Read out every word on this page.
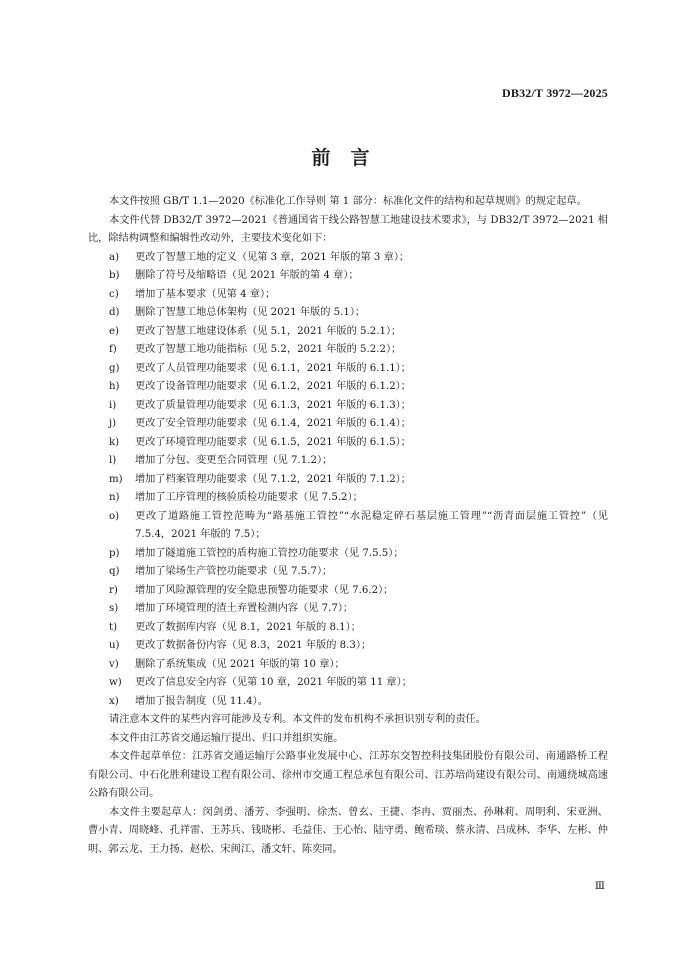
DB32/T 3972—2025
前言

本文件按照 GB/T 1.1—2020《标准化工作导则 第 1 部分：标准化文件的结构和起草规则》的规定起草。

本文件代替 DB32/T 3972—2021《普通国省干线公路智慧工地建设技术要求》，与 DB32/T 3972—2021 相比，除结构调整和编辑性改动外，主要技术变化如下：

a)	更改了智慧工地的定义（见第 3 章，2021 年版的第 3 章）；
b)	删除了符号及缩略语（见 2021 年版的第 4 章）；
c)	增加了基本要求（见第 4 章）；
d)	删除了智慧工地总体架构（见 2021 年版的 5.1）；
e)	更改了智慧工地建设体系（见 5.1，2021 年版的 5.2.1）；
f)	更改了智慧工地功能指标（见 5.2，2021 年版的 5.2.2）；
g)	更改了人员管理功能要求（见 6.1.1，2021 年版的 6.1.1）；
h)	更改了设备管理功能要求（见 6.1.2，2021 年版的 6.1.2）；
i)	更改了质量管理功能要求（见 6.1.3，2021 年版的 6.1.3）；
j)	更改了安全管理功能要求（见 6.1.4，2021 年版的 6.1.4）；
k)	更改了环境管理功能要求（见 6.1.5，2021 年版的 6.1.5）；
l)	增加了分包、变更至合同管理（见 7.1.2）；
m)	增加了档案管理功能要求（见 7.1.2，2021 年版的 7.1.2）；
n)	增加了工序管理的核验质检功能要求（见 7.5.2）；
o)	更改了道路施工管控范畴为“路基施工管控”“水泥稳定碎石基层施工管理”“沥青面层施工管控”（见 7.5.4，2021 年版的 7.5）；
p)	增加了隧道施工管控的盾构施工管控功能要求（见 7.5.5）；
q)	增加了梁场生产管控功能要求（见 7.5.7）；
r)	增加了风险源管理的安全隐患预警功能要求（见 7.6.2）；
s)	增加了环境管理的渣土弃置检测内容（见 7.7）；
t)	更改了数据库内容（见 8.1，2021 年版的 8.1）；
u)	更改了数据备份内容（见 8.3，2021 年版的 8.3）；
v)	删除了系统集成（见 2021 年版的第 10 章）；
w)	更改了信息安全内容（见第 10 章，2021 年版的第 11 章）；
x)	增加了报告制度（见 11.4）。

请注意本文件的某些内容可能涉及专利。本文件的发布机构不承担识别专利的责任。

本文件由江苏省交通运输厅提出、归口并组织实施。

本文件起草单位：江苏省交通运输厅公路事业发展中心、江苏东交智控科技集团股份有限公司、南通路桥工程有限公司、中石化胜利建设工程有限公司、徐州市交通工程总承包有限公司、江苏培尚建设有限公司、南通绕城高速公路有限公司。

本文件主要起草人：闵剑勇、潘芳、李强明、徐杰、曾玄、王捷、李冉、贾丽杰、孙琳莉、周明利、宋亚洲、曹小青、周晓峰、孔祥雷、王苏兵、钱晓彬、毛益佳、王心怡、陆守勇、鲍希琰、蔡永清、吕成林、李华、左彬、仲明、郭云龙、王力扬、赵松、宋闽江、潘文轩、陈奕同。

Ⅲ
